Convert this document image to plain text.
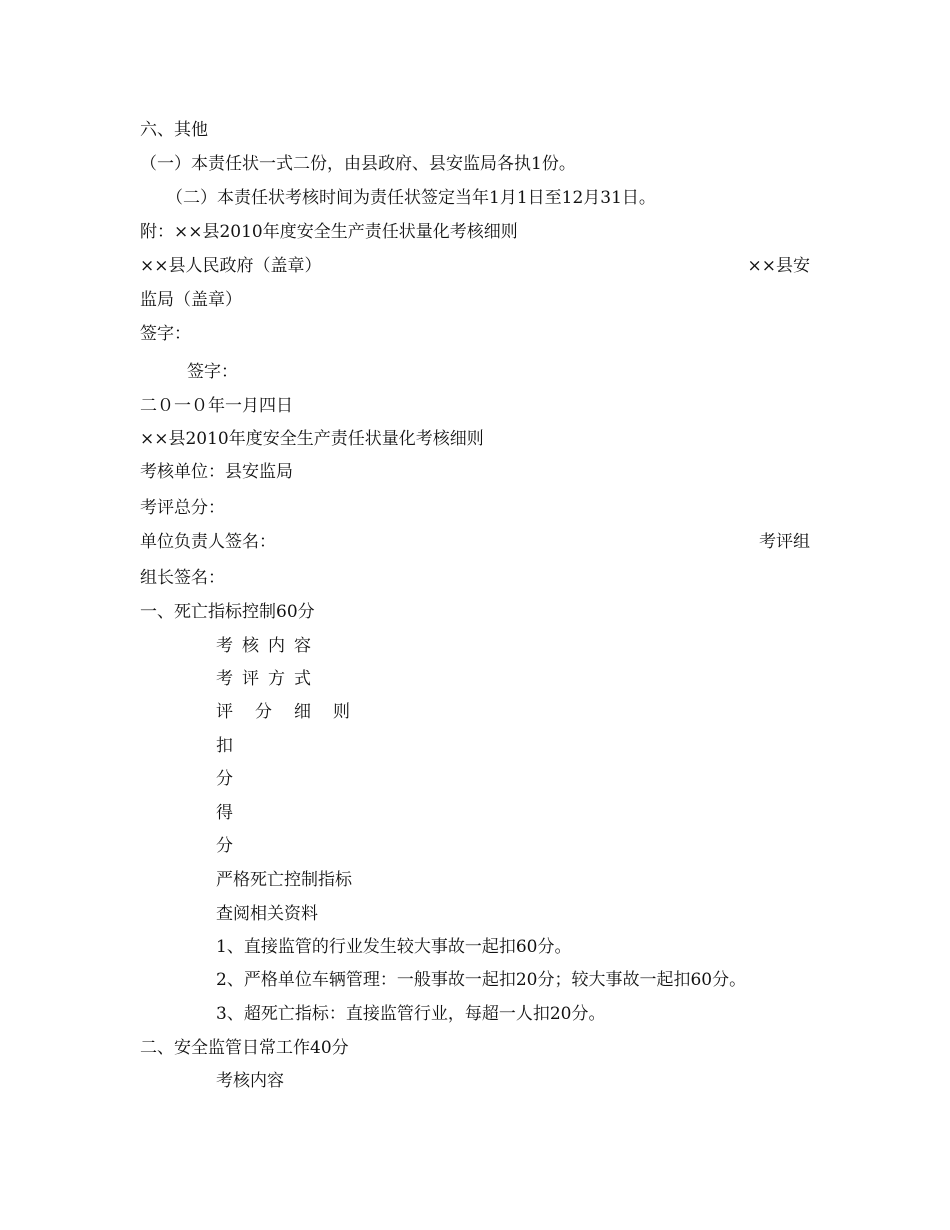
六、其他
（一）本责任状一式二份，由县政府、县安监局各执1份。
（二）本责任状考核时间为责任状签定当年1月1日至12月31日。
附：××县2010年度安全生产责任状量化考核细则
××县人民政府（盖章）	××县安
监局（盖章）
签字：
签字：
二０一０年一月四日
××县2010年度安全生产责任状量化考核细则
考核单位：县安监局
考评总分：
单位负责人签名：	考评组
组长签名：
一、死亡指标控制60分
考核内容
考评方式
评分细则
扣
分
得
分
严格死亡控制指标
查阅相关资料
1、直接监管的行业发生较大事故一起扣60分。
2、严格单位车辆管理：一般事故一起扣20分；较大事故一起扣60分。
3、超死亡指标：直接监管行业，每超一人扣20分。
二、安全监管日常工作40分
考核内容
